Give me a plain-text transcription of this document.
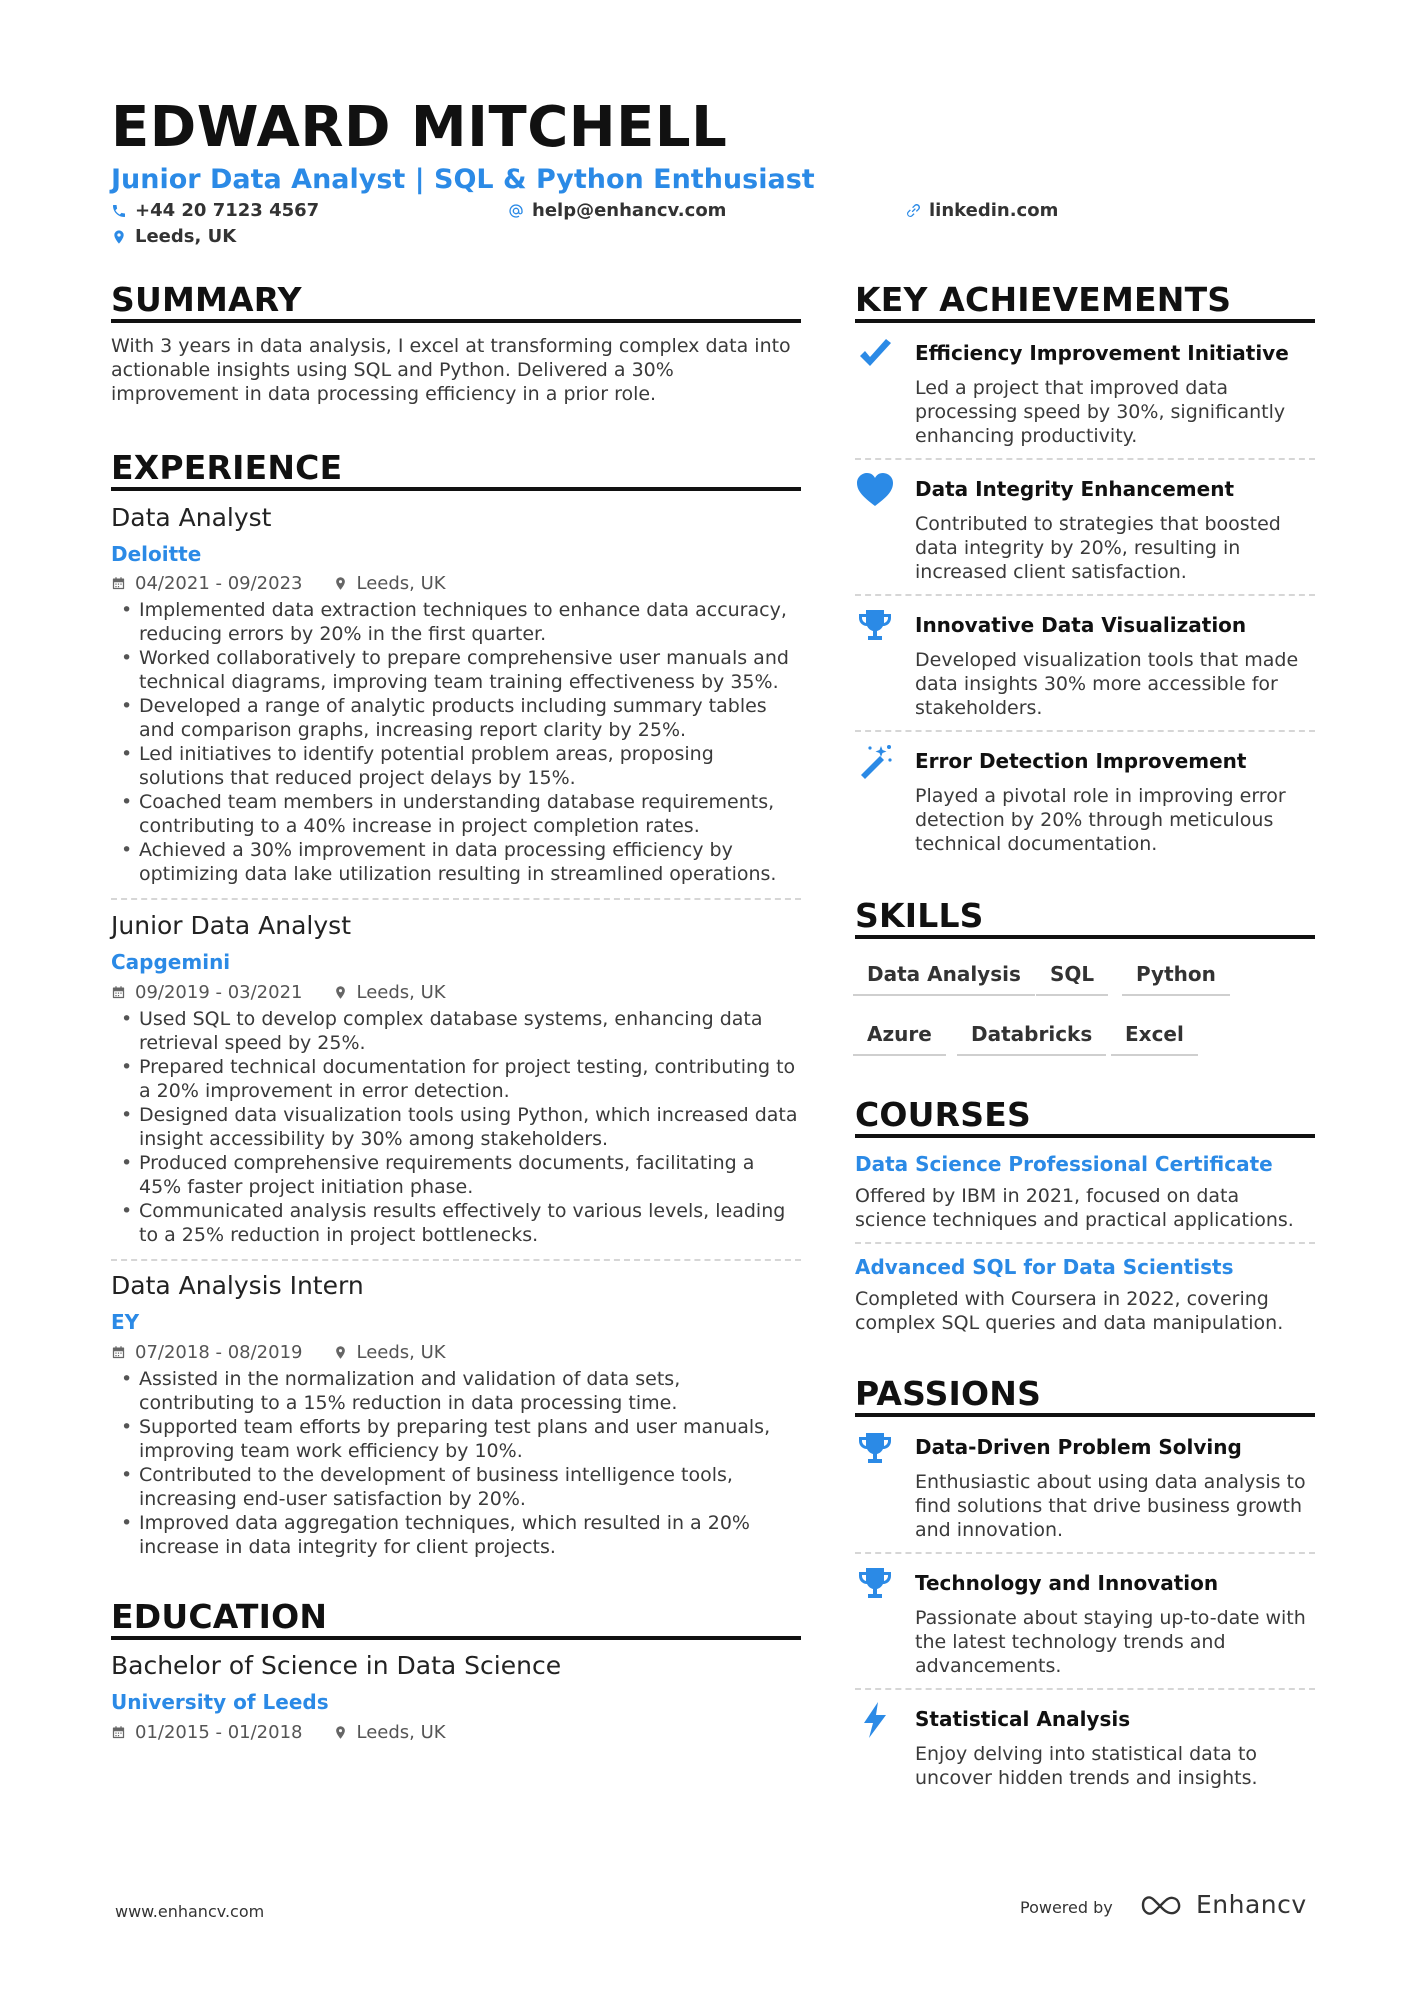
EDWARD MITCHELL
Junior Data Analyst | SQL & Python Enthusiast
+44 20 7123 4567	help@enhancv.com	linkedin.com
Leeds, UK
SUMMARY
With 3 years in data analysis, I excel at transforming complex data into actionable insights using SQL and Python. Delivered a 30% improvement in data processing efficiency in a prior role.
EXPERIENCE
Data Analyst
Deloitte
04/2021 - 09/2023	Leeds, UK
• Implemented data extraction techniques to enhance data accuracy, reducing errors by 20% in the first quarter.
• Worked collaboratively to prepare comprehensive user manuals and technical diagrams, improving team training effectiveness by 35%.
• Developed a range of analytic products including summary tables and comparison graphs, increasing report clarity by 25%.
• Led initiatives to identify potential problem areas, proposing solutions that reduced project delays by 15%.
• Coached team members in understanding database requirements, contributing to a 40% increase in project completion rates.
• Achieved a 30% improvement in data processing efficiency by optimizing data lake utilization resulting in streamlined operations.
Junior Data Analyst
Capgemini
09/2019 - 03/2021	Leeds, UK
• Used SQL to develop complex database systems, enhancing data retrieval speed by 25%.
• Prepared technical documentation for project testing, contributing to a 20% improvement in error detection.
• Designed data visualization tools using Python, which increased data insight accessibility by 30% among stakeholders.
• Produced comprehensive requirements documents, facilitating a 45% faster project initiation phase.
• Communicated analysis results effectively to various levels, leading to a 25% reduction in project bottlenecks.
Data Analysis Intern
EY
07/2018 - 08/2019	Leeds, UK
• Assisted in the normalization and validation of data sets, contributing to a 15% reduction in data processing time.
• Supported team efforts by preparing test plans and user manuals, improving team work efficiency by 10%.
• Contributed to the development of business intelligence tools, increasing end-user satisfaction by 20%.
• Improved data aggregation techniques, which resulted in a 20% increase in data integrity for client projects.
EDUCATION
Bachelor of Science in Data Science
University of Leeds
01/2015 - 01/2018	Leeds, UK
KEY ACHIEVEMENTS
Efficiency Improvement Initiative
Led a project that improved data processing speed by 30%, significantly enhancing productivity.
Data Integrity Enhancement
Contributed to strategies that boosted data integrity by 20%, resulting in increased client satisfaction.
Innovative Data Visualization
Developed visualization tools that made data insights 30% more accessible for stakeholders.
Error Detection Improvement
Played a pivotal role in improving error detection by 20% through meticulous technical documentation.
SKILLS
Data Analysis	SQL	Python
Azure	Databricks	Excel
COURSES
Data Science Professional Certificate
Offered by IBM in 2021, focused on data science techniques and practical applications.
Advanced SQL for Data Scientists
Completed with Coursera in 2022, covering complex SQL queries and data manipulation.
PASSIONS
Data-Driven Problem Solving
Enthusiastic about using data analysis to find solutions that drive business growth and innovation.
Technology and Innovation
Passionate about staying up-to-date with the latest technology trends and advancements.
Statistical Analysis
Enjoy delving into statistical data to uncover hidden trends and insights.
www.enhancv.com	Powered by	Enhancv
